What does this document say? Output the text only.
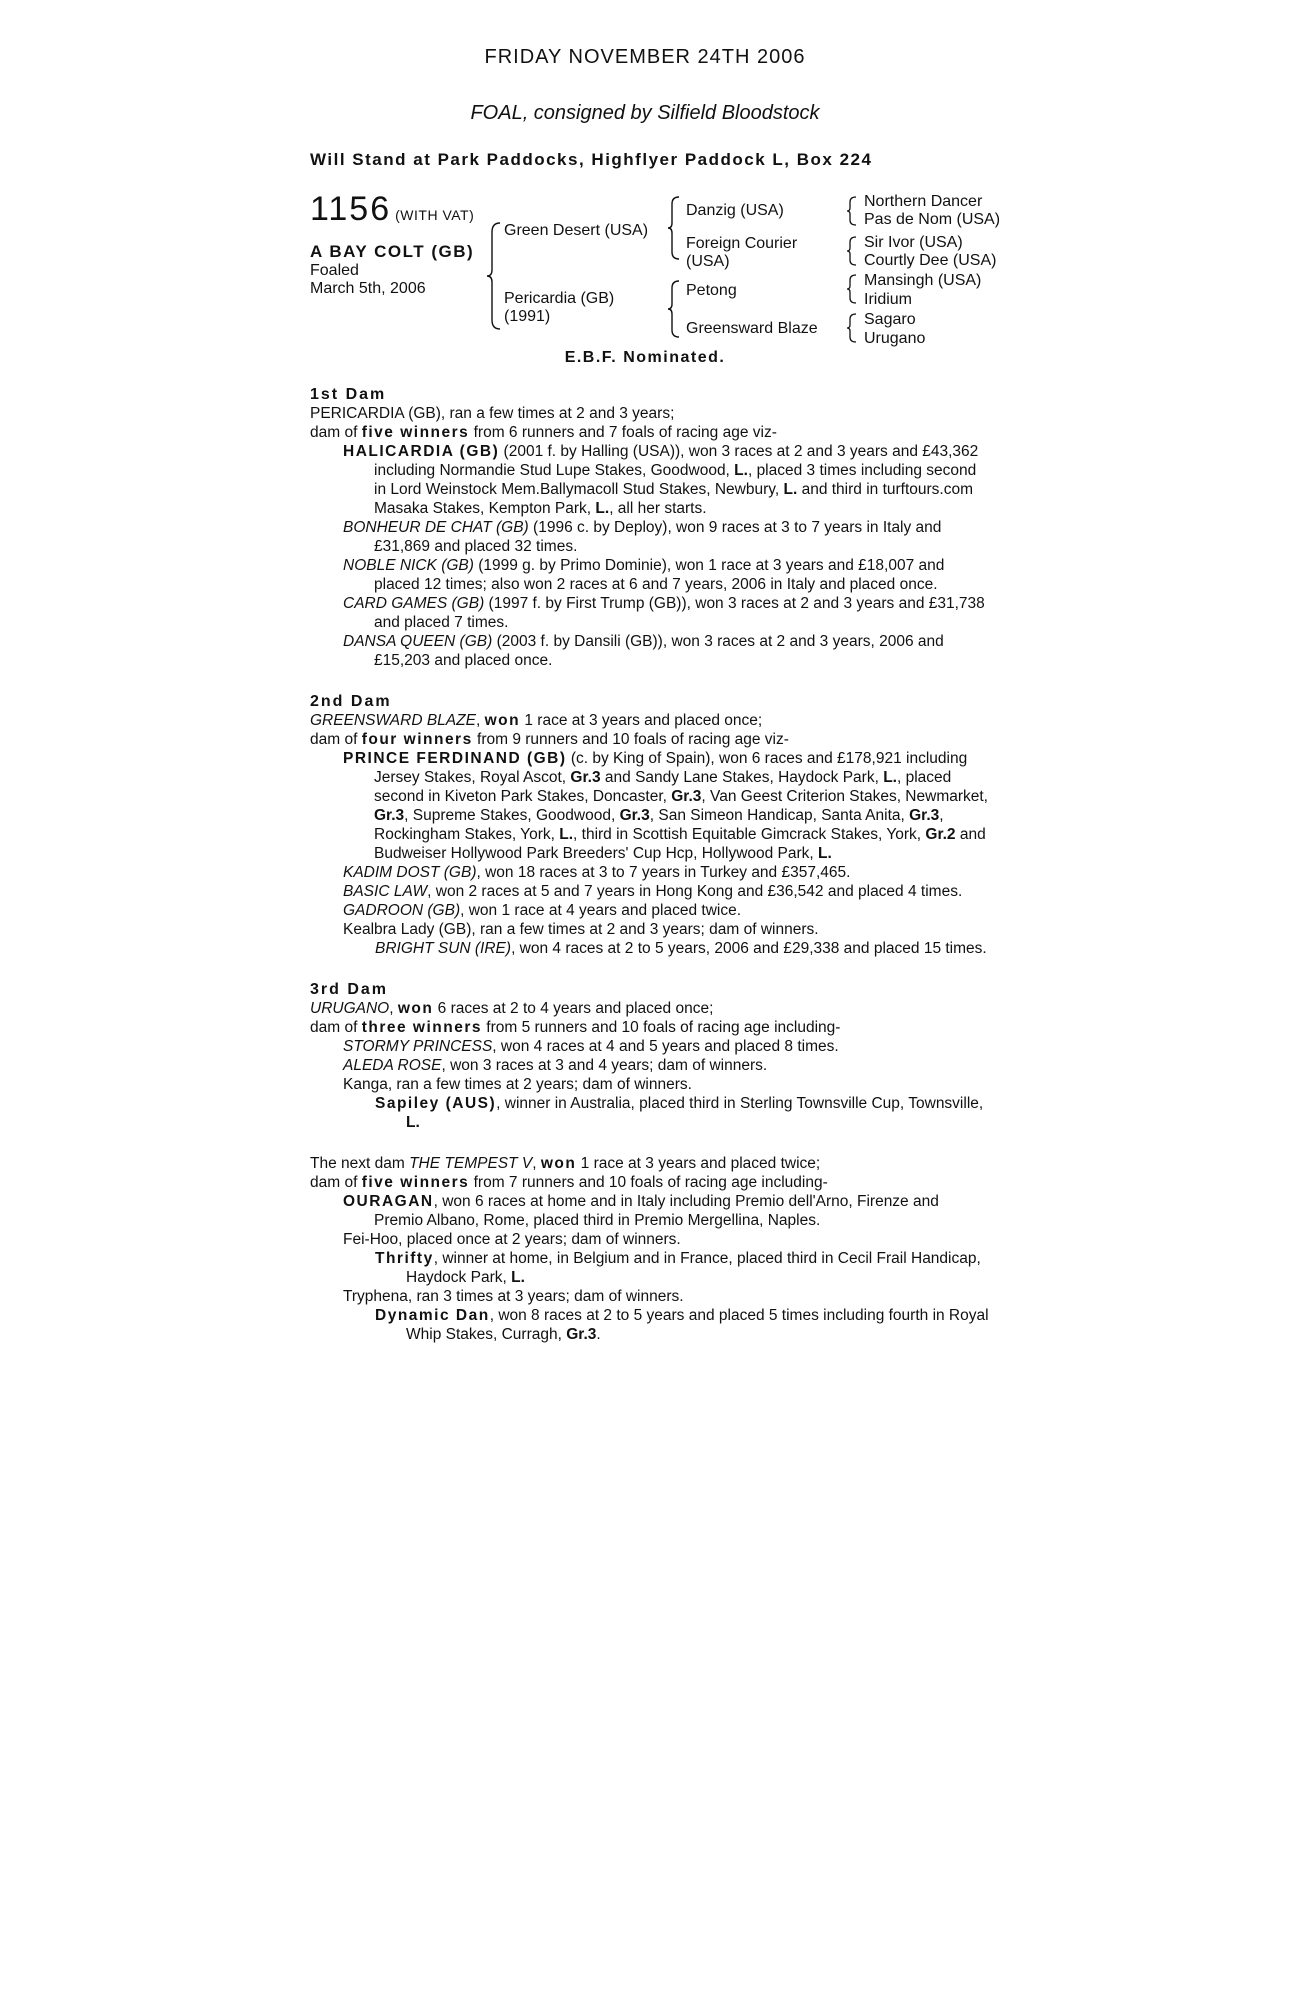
FRIDAY NOVEMBER 24TH 2006
FOAL, consigned by Silfield Bloodstock
Will Stand at Park Paddocks, Highflyer Paddock L, Box 224
1156 (WITH VAT)
A BAY COLT (GB)
Foaled
March 5th, 2006
Green Desert (USA)
Pericardia (GB)
(1991)
Danzig (USA)
Foreign Courier
(USA)
Petong
Greensward Blaze
Northern Dancer
Pas de Nom (USA)
Sir Ivor (USA)
Courtly Dee (USA)
Mansingh (USA)
Iridium
Sagaro
Urugano
E.B.F. Nominated.
1st Dam

PERICARDIA (GB), ran a few times at 2 and 3 years;

dam of five winners from 6 runners and 7 foals of racing age viz-

HALICARDIA (GB) (2001 f. by Halling (USA)), won 3 races at 2 and 3 years and £43,362 including Normandie Stud Lupe Stakes, Goodwood, L., placed 3 times including second in Lord Weinstock Mem.Ballymacoll Stud Stakes, Newbury, L. and third in turftours.com Masaka Stakes, Kempton Park, L., all her starts.
BONHEUR DE CHAT (GB) (1996 c. by Deploy), won 9 races at 3 to 7 years in Italy and £31,869 and placed 32 times.
NOBLE NICK (GB) (1999 g. by Primo Dominie), won 1 race at 3 years and £18,007 and placed 12 times; also won 2 races at 6 and 7 years, 2006 in Italy and placed once.
CARD GAMES (GB) (1997 f. by First Trump (GB)), won 3 races at 2 and 3 years and £31,738 and placed 7 times.
DANSA QUEEN (GB) (2003 f. by Dansili (GB)), won 3 races at 2 and 3 years, 2006 and £15,203 and placed once.
2nd Dam

GREENSWARD BLAZE, won 1 race at 3 years and placed once;

dam of four winners from 9 runners and 10 foals of racing age viz-

PRINCE FERDINAND (GB) (c. by King of Spain), won 6 races and £178,921 including Jersey Stakes, Royal Ascot, Gr.3 and Sandy Lane Stakes, Haydock Park, L., placed second in Kiveton Park Stakes, Doncaster, Gr.3, Van Geest Criterion Stakes, Newmarket, Gr.3, Supreme Stakes, Goodwood, Gr.3, San Simeon Handicap, Santa Anita, Gr.3, Rockingham Stakes, York, L., third in Scottish Equitable Gimcrack Stakes, York, Gr.2 and Budweiser Hollywood Park Breeders' Cup Hcp, Hollywood Park, L.
KADIM DOST (GB), won 18 races at 3 to 7 years in Turkey and £357,465.
BASIC LAW, won 2 races at 5 and 7 years in Hong Kong and £36,542 and placed 4 times.
GADROON (GB), won 1 race at 4 years and placed twice.
Kealbra Lady (GB), ran a few times at 2 and 3 years; dam of winners.
BRIGHT SUN (IRE), won 4 races at 2 to 5 years, 2006 and £29,338 and placed 15 times.
3rd Dam

URUGANO, won 6 races at 2 to 4 years and placed once;

dam of three winners from 5 runners and 10 foals of racing age including-

STORMY PRINCESS, won 4 races at 4 and 5 years and placed 8 times.
ALEDA ROSE, won 3 races at 3 and 4 years; dam of winners.
Kanga, ran a few times at 2 years; dam of winners.
Sapiley (AUS), winner in Australia, placed third in Sterling Townsville Cup, Townsville, L.

The next dam THE TEMPEST V, won 1 race at 3 years and placed twice;

dam of five winners from 7 runners and 10 foals of racing age including-

OURAGAN, won 6 races at home and in Italy including Premio dell'Arno, Firenze and Premio Albano, Rome, placed third in Premio Mergellina, Naples.
Fei-Hoo, placed once at 2 years; dam of winners.
Thrifty, winner at home, in Belgium and in France, placed third in Cecil Frail Handicap, Haydock Park, L.
Tryphena, ran 3 times at 3 years; dam of winners.
Dynamic Dan, won 8 races at 2 to 5 years and placed 5 times including fourth in Royal Whip Stakes, Curragh, Gr.3.
